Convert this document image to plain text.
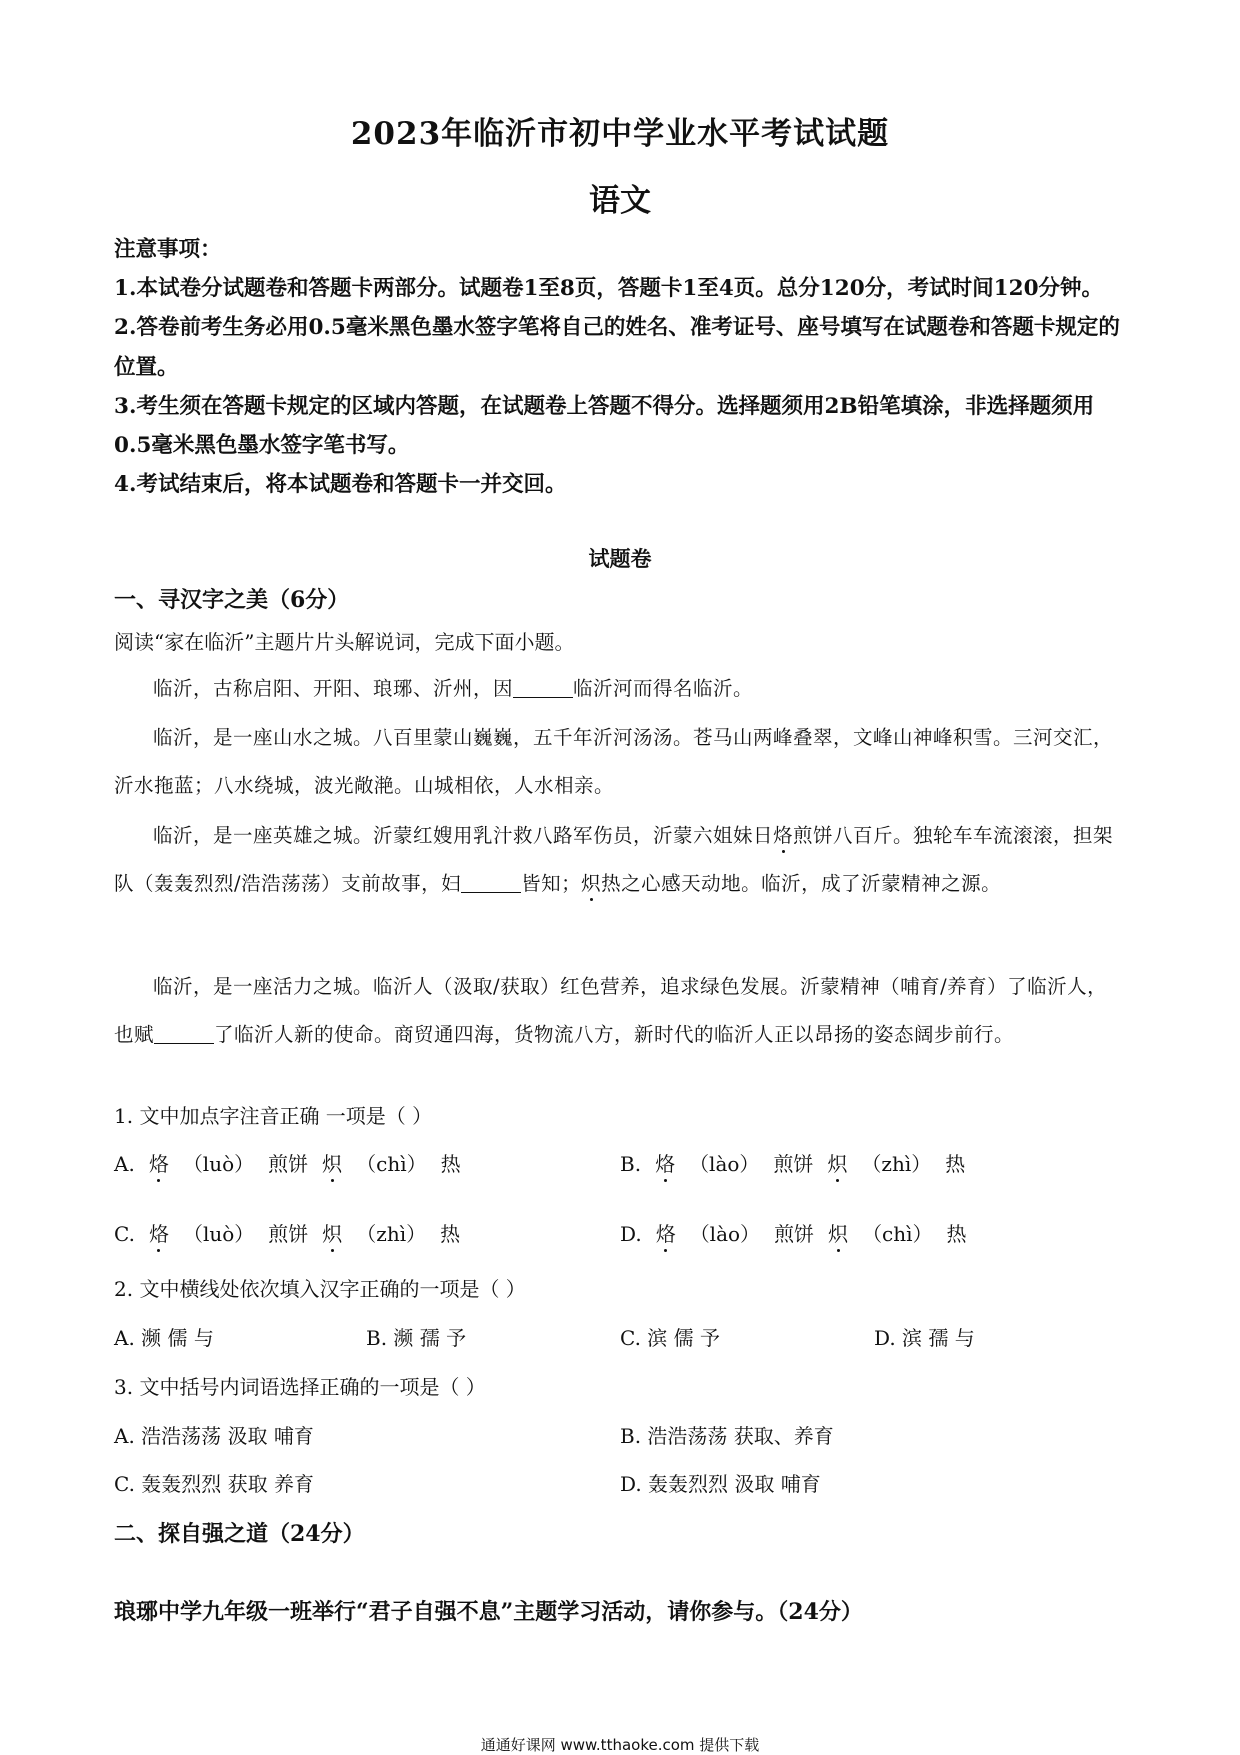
2023年临沂市初中学业水平考试试题
语文

注意事项：

1.本试卷分试题卷和答题卡两部分。试题卷1至8页，答题卡1至4页。总分120分，考试时间120分钟。

2.答卷前考生务必用0.5毫米黑色墨水签字笔将自己的姓名、准考证号、座号填写在试题卷和答题卡规定的位置。

3.考生须在答题卡规定的区域内答题，在试题卷上答题不得分。选择题须用2B铅笔填涂，非选择题须用0.5毫米黑色墨水签字笔书写。

4.考试结束后，将本试题卷和答题卡一并交回。

试题卷
一、寻汉字之美（6分）
阅读“家在临沂”主题片片头解说词，完成下面小题。

临沂，古称启阳、开阳、琅琊、沂州，因	临沂河而得名临沂。

临沂，是一座山水之城。八百里蒙山巍巍，五千年沂河汤汤。苍马山两峰叠翠，文峰山神峰积雪。三河交汇，沂水拖蓝；八水绕城，波光敞滟。山城相依，人水相亲。

临沂，是一座英雄之城。沂蒙红嫂用乳汁救八路军伤员，沂蒙六姐妹日烙煎饼八百斤。独轮车车流滚滚，担架队（轰轰烈烈/浩浩荡荡）支前故事，妇	皆知；炽热之心感天动地。临沂，成了沂蒙精神之源。

临沂，是一座活力之城。临沂人（汲取/获取）红色营养，追求绿色发展。沂蒙精神（哺育/养育）了临沂人，也赋	了临沂人新的使命。商贸通四海，货物流八方，新时代的临沂人正以昂扬的姿态阔步前行。

1. 文中加点字注音正确 一项是（ ）
A. 烙 （luò） 煎饼 炽 （chì） 热	B. 烙 （lào） 煎饼 炽 （zhì） 热
C. 烙 （luò） 煎饼 炽 （zhì） 热	D. 烙 （lào） 煎饼 炽 （chì） 热
2. 文中横线处依次填入汉字正确的一项是（ ）
A. 濒 儒 与	B. 濒 孺 予	C. 滨 儒 予	D. 滨 孺 与
3. 文中括号内词语选择正确的一项是（ ）
A. 浩浩荡荡 汲取 哺育	B. 浩浩荡荡 获取、养育
C. 轰轰烈烈 获取 养育	D. 轰轰烈烈 汲取 哺育
二、探自强之道（24分）
琅琊中学九年级一班举行“君子自强不息”主题学习活动，请你参与。（24分）
通通好课网 www.tthaoke.com 提供下载
